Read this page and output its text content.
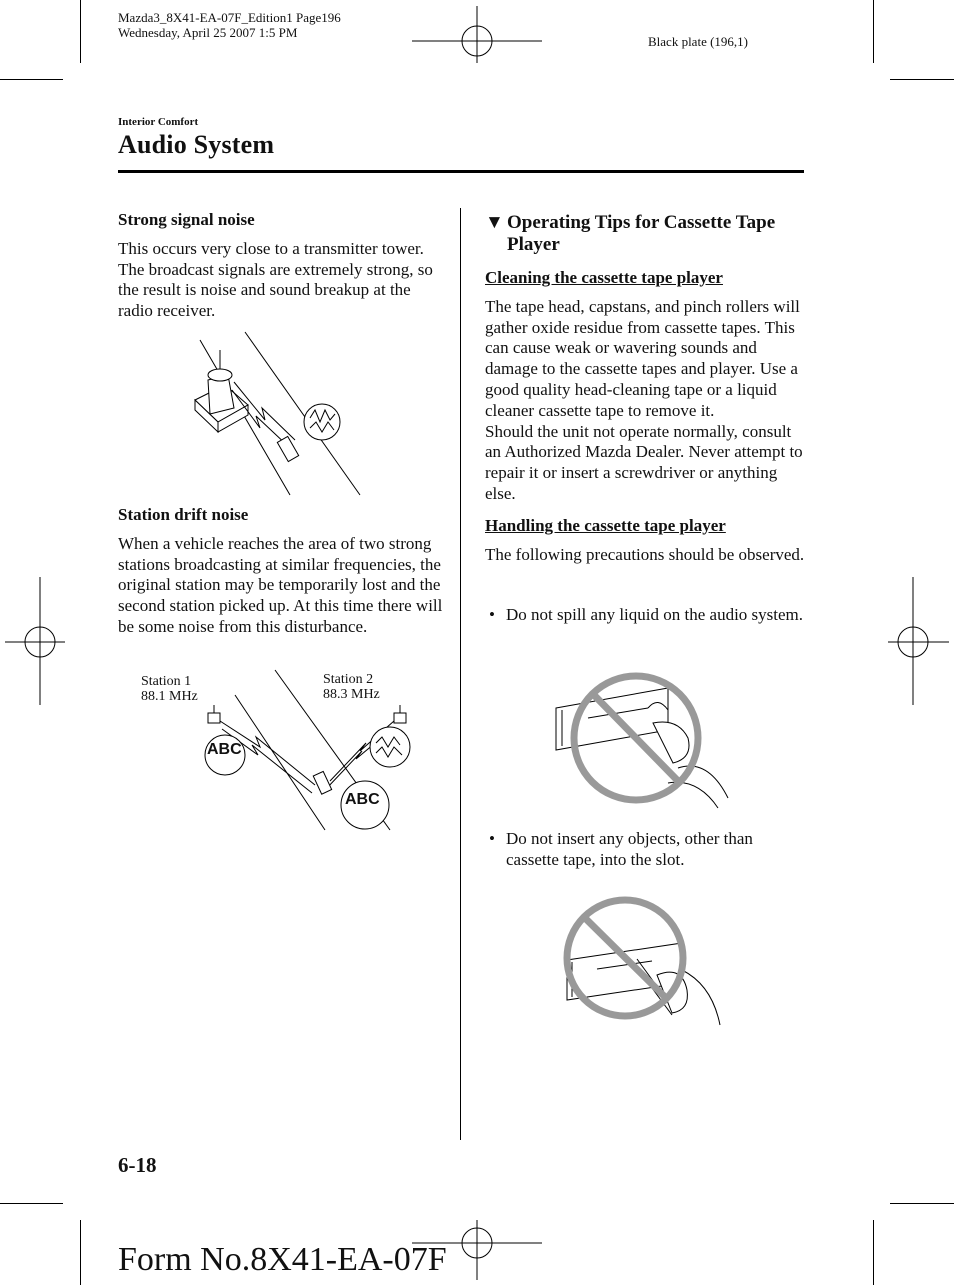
Mazda3_8X41-EA-07F_Edition1 Page196
Wednesday, April 25 2007 1:5 PM
Black plate (196,1)
Interior Comfort
Audio System
Strong signal noise

This occurs very close to a transmitter tower. The broadcast signals are extremely strong, so the result is noise and sound breakup at the radio receiver.

Station drift noise

When a vehicle reaches the area of two strong stations broadcasting at similar frequencies, the original station may be temporarily lost and the second station picked up. At this time there will be some noise from this disturbance.

Station 1
88.1 MHz
Station 2
88.3 MHz
ABC
ABC
▼ Operating Tips for Cassette Tape Player
Cleaning the cassette tape player

The tape head, capstans, and pinch rollers will gather oxide residue from cassette tapes. This can cause weak or wavering sounds and damage to the cassette tapes and player. Use a good quality head-cleaning tape or a liquid cleaner cassette tape to remove it.

Should the unit not operate normally, consult an Authorized Mazda Dealer. Never attempt to repair it or insert a screwdriver or anything else.

Handling the cassette tape player

The following precautions should be observed.

• Do not spill any liquid on the audio system.
• Do not insert any objects, other than cassette tape, into the slot.
6-18
Form No.8X41-EA-07F
